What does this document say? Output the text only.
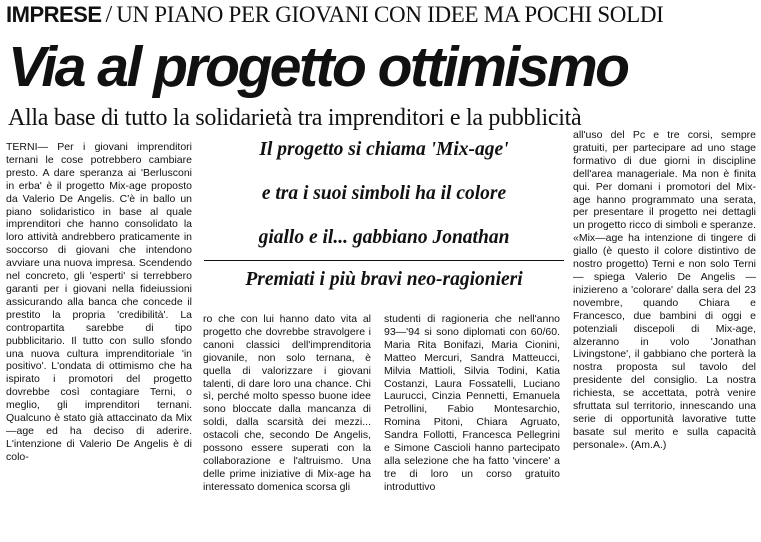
IMPRESE / UN PIANO PER GIOVANI CON IDEE MA POCHI SOLDI
Via al progetto ottimismo
Alla base di tutto la solidarietà tra imprenditori e la pubblicità

TERNI— Per i giovani imprenditori ternani le cose potrebbero cambiare presto. A dare speranza ai 'Berlusconi in erba' è il progetto Mix-age proposto da Valerio De Angelis. C'è in ballo un piano solidaristico in base al quale imprenditori che hanno consolidato la loro attività andrebbero praticamente in soccorso di giovani che intendono avviare una nuova impresa. Scendendo nel concreto, gli 'esperti' si terrebbero garanti per i giovani nella fideiussioni assicurando alla banca che concede il prestito la propria 'credibilità'. La contropartita sarebbe di tipo pubblicitario. Il tutto con sullo sfondo una nuova cultura imprenditoriale 'in positivo'. L'ondata di ottimismo che ha ispirato i promotori del progetto dovrebbe così contagiare Terni, o meglio, gli imprenditori ternani. Qualcuno è stato già attaccinato da Mix—age ed ha deciso di aderire. L'intenzione di Valerio De Angelis è di colo-

Il progetto si chiama 'Mix-age'
e tra i suoi simboli ha il colore
giallo e il... gabbiano Jonathan
Premiati i più bravi neo-ragionieri

ro che con lui hanno dato vita al progetto che dovrebbe stravolgere i canoni classici dell'imprenditoria giovanile, non solo ternana, è quella di valorizzare i giovani talenti, di dare loro una chance. Chi sì, perché molto spesso buone idee sono bloccate dalla mancanza di soldi, dalla scarsità dei mezzi... ostacoli che, secondo De Angelis, possono essere superati con la collaborazione e l'altruismo. Una delle prime iniziative di Mix-age ha interessato domenica scorsa gli

studenti di ragioneria che nell'anno 93—'94 si sono diplomati con 60/60. Maria Rita Bonifazi, Maria Cionini, Matteo Mercuri, Sandra Matteucci, Milvia Mattioli, Silvia Todini, Katia Costanzi, Laura Fossatelli, Luciano Laurucci, Cinzia Pennetti, Emanuela Petrollini, Fabio Montesarchio, Romina Pitoni, Chiara Agruato, Sandra Follotti, Francesca Pellegrini e Simone Cascioli hanno partecipato alla selezione che ha fatto 'vincere' a tre di loro un corso gratuito introduttivo

all'uso del Pc e tre corsi, sempre gratuiti, per partecipare ad uno stage formativo di due giorni in discipline dell'area manageriale. Ma non è finita qui. Per domani i promotori del Mix-age hanno programmato una serata, per presentare il progetto nei dettagli un progetto ricco di simboli e speranze. «Mix—age ha intenzione di tingere di giallo (è questo il colore distintivo de nostro progetto) Terni e non solo Terni — spiega Valerio De Angelis — iniziereno a 'colorare' dalla sera del 23 novembre, quando Chiara e Francesco, due bambini di oggi e potenziali discepoli di Mix-age, alzeranno in volo 'Jonathan Livingstone', il gabbiano che porterà la nostra proposta sul tavolo del presidente del consiglio. La nostra richiesta, se accettata, potrà venire sfruttata sul territorio, innescando una serie di opportunità lavorative tutte basate sul merito e sulla capacità personale». (Am.A.)
